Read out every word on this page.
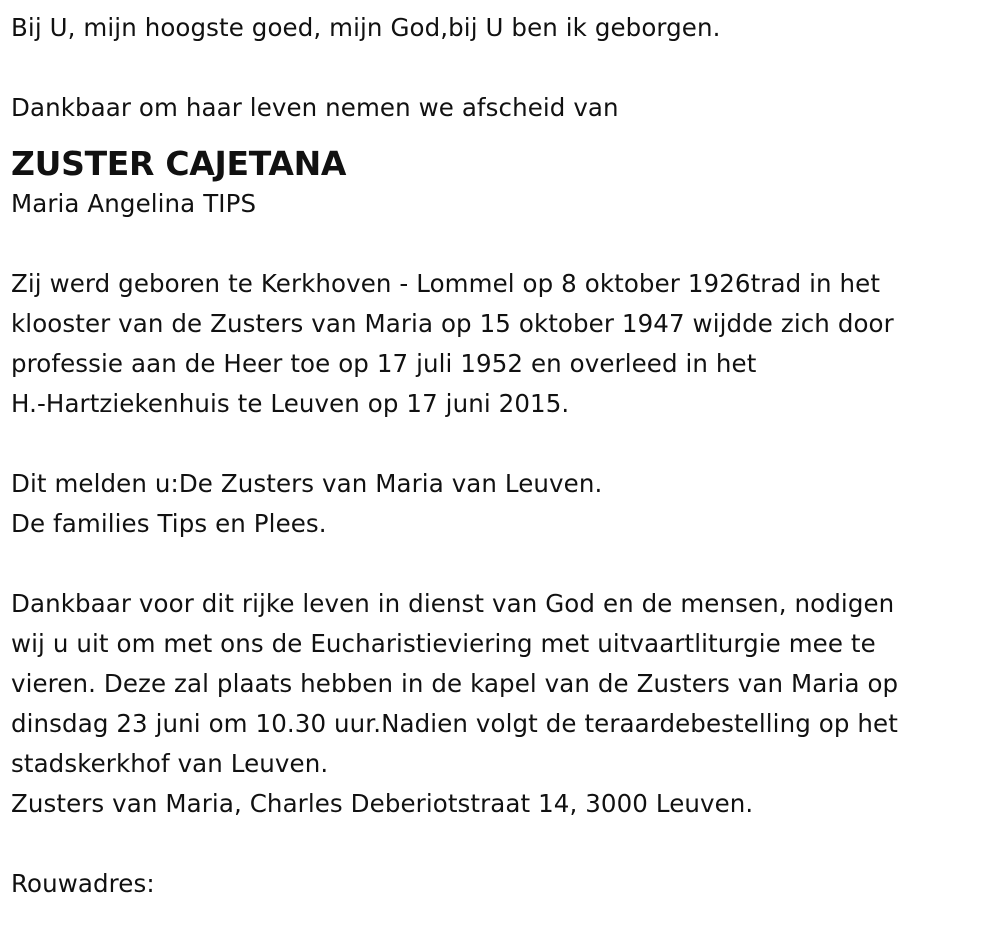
Bij U, mijn hoogste goed, mijn God,bij U ben ik geborgen.
Dankbaar om haar leven nemen we afscheid van
ZUSTER CAJETANA
Maria Angelina TIPS
Zij werd geboren te Kerkhoven - Lommel op 8 oktober 1926trad in het
klooster van de Zusters van Maria op 15 oktober 1947 wijdde zich door
professie aan de Heer toe op 17 juli 1952 en overleed in het
H.-Hartziekenhuis te Leuven op 17 juni 2015.
Dit melden u:De Zusters van Maria van Leuven.
De families Tips en Plees.
Dankbaar voor dit rijke leven in dienst van God en de mensen, nodigen
wij u uit om met ons de Eucharistieviering met uitvaartliturgie mee te
vieren. Deze zal plaats hebben in de kapel van de Zusters van Maria op
dinsdag 23 juni om 10.30 uur.Nadien volgt de teraardebestelling op het
stadskerkhof van Leuven.
Zusters van Maria, Charles Deberiotstraat 14, 3000 Leuven.
Rouwadres:
